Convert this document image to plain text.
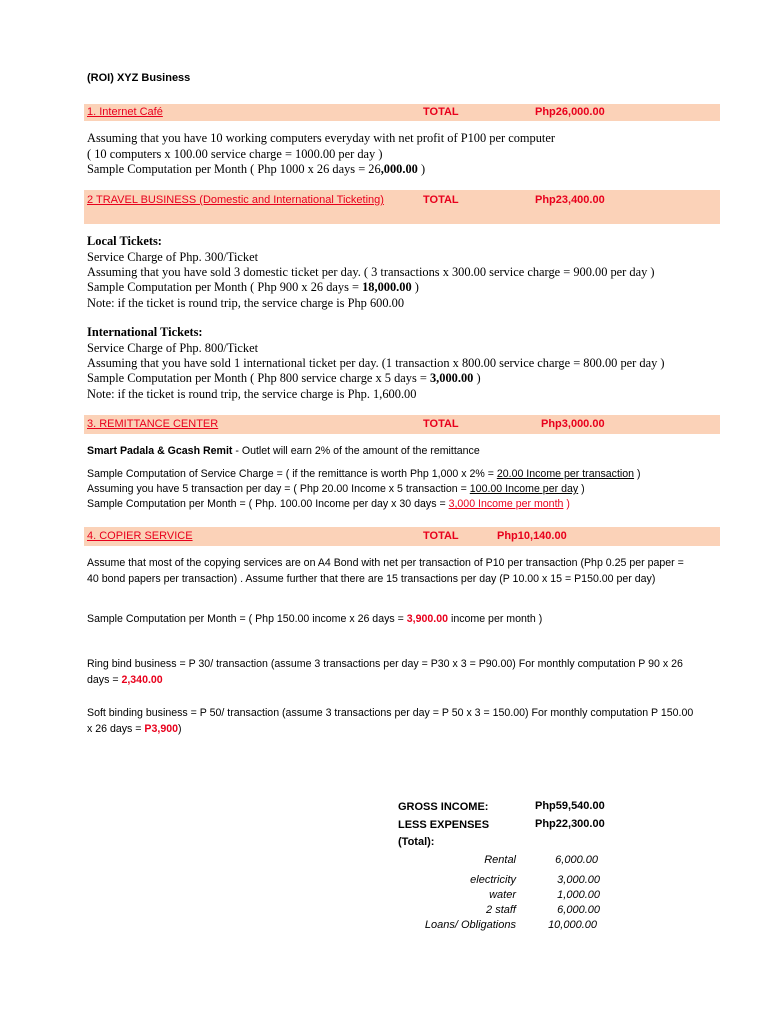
(ROI) XYZ Business
1. Internet Café	TOTAL	Php26,000.00
Assuming that you have 10 working computers everyday with net profit of P100 per computer
( 10 computers x 100.00 service charge = 1000.00 per day )
Sample Computation per Month ( Php 1000 x 26 days = 26,000.00 )
2 TRAVEL BUSINESS (Domestic and International Ticketing)	TOTAL	Php23,400.00
Local Tickets:
Service Charge of Php. 300/Ticket
Assuming that you have sold 3 domestic ticket per day. ( 3 transactions x 300.00 service charge = 900.00 per day )
Sample Computation per Month ( Php 900 x 26 days = 18,000.00 )
Note: if the ticket is round trip, the service charge is Php 600.00
International Tickets:
Service Charge of Php. 800/Ticket
Assuming that you have sold 1 international ticket per day. (1 transaction x 800.00 service charge = 800.00 per day )
Sample Computation per Month ( Php 800 service charge x 5 days = 3,000.00 )
Note: if the ticket is round trip, the service charge is Php. 1,600.00
3. REMITTANCE CENTER	TOTAL	Php3,000.00
Smart Padala & Gcash Remit - Outlet will earn 2% of the amount of the remittance
Sample Computation of Service Charge = ( if the remittance is worth Php 1,000 x 2% = 20.00 Income per transaction )
Assuming you have 5 transaction per day = ( Php 20.00 Income x 5 transaction = 100.00 Income per day )
Sample Computation per Month = ( Php. 100.00 Income per day x 30 days = 3,000 Income per month )
4. COPIER SERVICE	TOTAL	Php10,140.00
Assume that most of the copying services are on A4 Bond with net per transaction of P10 per transaction (Php 0.25 per paper =
40 bond papers per transaction) . Assume further that there are 15 transactions per day (P 10.00 x 15 = P150.00 per day)
Sample Computation per Month = ( Php 150.00 income x 26 days = 3,900.00 income per month )
Ring bind business = P 30/ transaction (assume 3 transactions per day = P30 x 3 = P90.00) For monthly computation P 90 x 26
days = 2,340.00
Soft binding business = P 50/ transaction (assume 3 transactions per day = P 50 x 3 = 150.00) For monthly computation P 150.00
x 26 days = P3,900)
GROSS INCOME:	Php59,540.00
LESS EXPENSES	Php22,300.00
(Total):
Rental	6,000.00
electricity	3,000.00
water	1,000.00
2 staff	6,000.00
Loans/ Obligations	10,000.00
